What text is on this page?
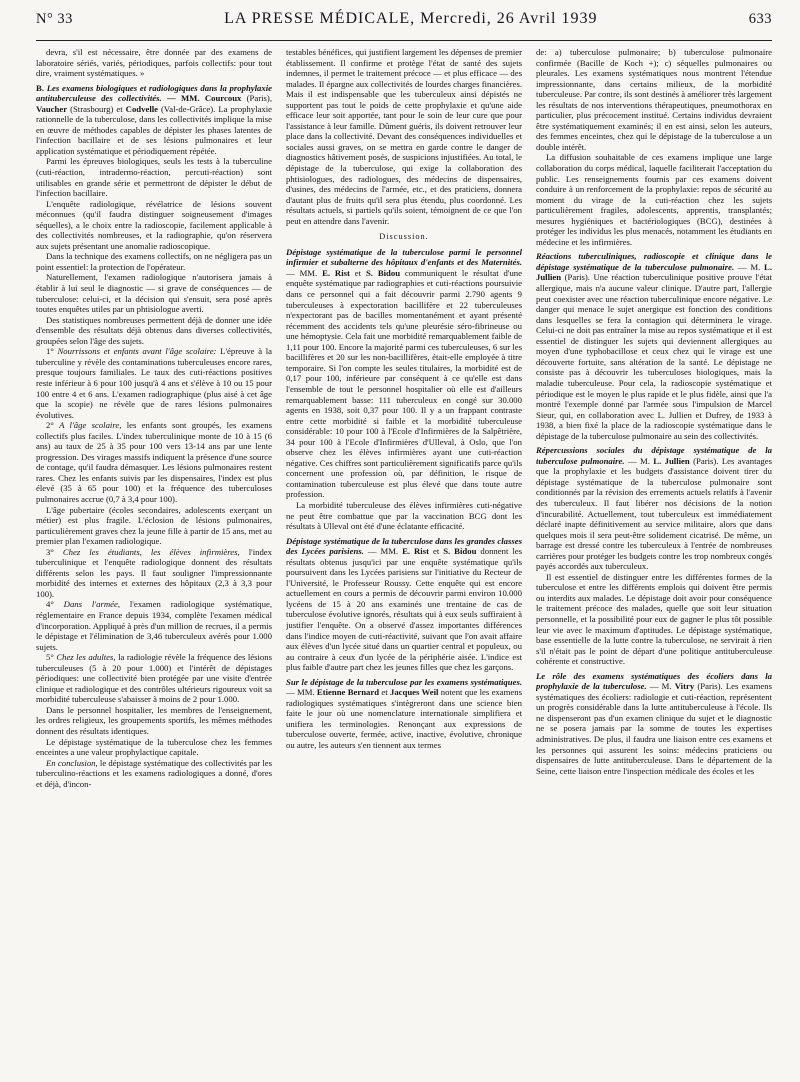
N° 33	LA PRESSE MÉDICALE, Mercredi, 26 Avril 1939	633

devra, s'il est nécessaire, être donnée par des examens de laboratoire sériés, variés, périodiques, parfois collectifs: pour tout dire, vraiment systématiques. »

B. Les examens biologiques et radiologiques dans la prophylaxie antituberculeuse des collectivités. — MM. Courcoux (Paris), Vaucher (Strasbourg) et Codvelle (Val-de-Grâce). La prophylaxie rationnelle de la tuberculose, dans les collectivités implique la mise en œuvre de méthodes capables de dépister les phases latentes de l'infection bacillaire et de ses lésions pulmonaires et leur application systématique et périodiquement répétée.

Parmi les épreuves biologiques, seuls les tests à la tuberculine (cuti-réaction, intradermo-réaction, percuti-réaction) sont utilisables en grande série et permettront de dépister le début de l'infection bacillaire.

L'enquête radiologique, révélatrice de lésions souvent méconnues (qu'il faudra distinguer soigneusement d'images séquelles), a le choix entre la radioscopie, facilement applicable à des collectivités nombreuses, et la radiographie, qu'on réservera aux sujets présentant une anomalie radioscopique.

Dans la technique des examens collectifs, on ne négligera pas un point essentiel: la protection de l'opérateur.

Naturellement, l'examen radiologique n'autorisera jamais à établir à lui seul le diagnostic — si grave de conséquences — de tuberculose: celui-ci, et la décision qui s'ensuit, sera posé après toutes enquêtes utiles par un phtisiologue averti.

Des statistiques nombreuses permettent déjà de donner une idée d'ensemble des résultats déjà obtenus dans diverses collectivités, groupées selon l'âge des sujets.

1° Nourrissons et enfants avant l'âge scolaire: L'épreuve à la tuberculine y révèle des contaminations tuberculeuses encore rares, presque toujours familiales. Le taux des cuti-réactions positives reste inférieur à 6 pour 100 jusqu'à 4 ans et s'élève à 10 ou 15 pour 100 entre 4 et 6 ans. L'examen radiographique (plus aisé à cet âge que la scopie) ne révèle que de rares lésions pulmonaires évolutives.

2° A l'âge scolaire, les enfants sont groupés, les examens collectifs plus faciles. L'index tuberculinique monte de 10 à 15 (6 ans) au taux de 25 à 35 pour 100 vers 13-14 ans par une lente progression. Des virages massifs indiquent la présence d'une source de contage, qu'il faudra démasquer. Les lésions pulmonaires restent rares. Chez les enfants suivis par les dispensaires, l'index est plus élevé (35 à 65 pour 100) et la fréquence des tuberculoses pulmonaires accrue (0,7 à 3,4 pour 100).

L'âge pubertaire (écoles secondaires, adolescents exerçant un métier) est plus fragile. L'éclosion de lésions pulmonaires, particulièrement graves chez la jeune fille à partir de 15 ans, met au premier plan l'examen radiologique.

3° Chez les étudiants, les élèves infirmières, l'index tuberculinique et l'enquête radiologique donnent des résultats différents selon les pays. Il faut souligner l'impressionnante morbidité des internes et externes des hôpitaux (2,3 à 3,3 pour 100).

4° Dans l'armée, l'examen radiologique systématique, réglementaire en France depuis 1934, complète l'examen médical d'incorporation. Appliqué à près d'un million de recrues, il a permis le dépistage et l'élimination de 3,46 tuberculeux avérés pour 1.000 sujets.

5° Chez les adultes, la radiologie révèle la fréquence des lésions tuberculeuses (5 à 20 pour 1.000) et l'intérêt de dépistages périodiques: une collectivité bien protégée par une visite d'entrée clinique et radiologique et des contrôles ultérieurs rigoureux voit sa morbidité tuberculeuse s'abaisser à moins de 2 pour 1.000.

Dans le personnel hospitalier, les membres de l'enseignement, les ordres religieux, les groupements sportifs, les mêmes méthodes donnent des résultats identiques.

Le dépistage systématique de la tuberculose chez les femmes enceintes a une valeur prophylactique capitale.

En conclusion, le dépistage systématique des collectivités par les tuberculino-réactions et les examens radiologiques a donné, d'ores et déjà, d'incon-

testables bénéfices, qui justifient largement les dépenses de premier établissement. Il confirme et protège l'état de santé des sujets indemnes, il permet le traitement précoce — et plus efficace — des malades. Il épargne aux collectivités de lourdes charges financières. Mais il est indispensable que les tuberculeux ainsi dépistés ne supportent pas tout le poids de cette prophylaxie et qu'une aide efficace leur soit apportée, tant pour le soin de leur cure que pour l'assistance à leur famille. Dûment guéris, ils doivent retrouver leur place dans la collectivité. Devant des conséquences individuelles et sociales aussi graves, on se mettra en garde contre le danger de diagnostics hâtivement posés, de suspicions injustifiées. Au total, le dépistage de la tuberculose, qui exige la collaboration des phtisiologues, des radiologues, des médecins de dispensaires, d'usines, des médecins de l'armée, etc., et des praticiens, donnera d'autant plus de fruits qu'il sera plus étendu, plus coordonné. Les résultats actuels, si partiels qu'ils soient, témoignent de ce que l'on peut en attendre dans l'avenir.

Discussion.

Dépistage systématique de la tuberculose parmi le personnel infirmier et subalterne des hôpitaux d'enfants et des Maternités. — MM. E. Rist et S. Bidou communiquent le résultat d'une enquête systématique par radiographies et cuti-réactions poursuivie dans ce personnel qui a fait découvrir parmi 2.790 agents 9 tuberculeuses à expectoration bacillifère et 22 tuberculeuses n'expectorant pas de bacilles momentanément et ayant présenté récemment des accidents tels qu'une pleurésie séro-fibrineuse ou une hémoptysie. Cela fait une morbidité remarquablement faible de 1,11 pour 100. Encore la majorité parmi ces tuberculeuses, 6 sur les bacillifères et 20 sur les non-bacillifères, était-elle employée à titre temporaire. Si l'on compte les seules titulaires, la morbidité est de 0,17 pour 100, inférieure par conséquent à ce qu'elle est dans l'ensemble de tout le personnel hospitalier où elle est d'ailleurs remarquablement basse: 111 tuberculeux en congé sur 30.000 agents en 1938, soit 0,37 pour 100. Il y a un frappant contraste entre cette morbidité si faible et la morbidité tuberculeuse considérable: 10 pour 100 à l'Ecole d'Infirmières de la Salpêtrière, 34 pour 100 à l'Ecole d'Infirmières d'Ulleval, à Oslo, que l'on observe chez les élèves infirmières ayant une cuti-réaction négative. Ces chiffres sont particulièrement significatifs parce qu'ils concernent une profession où, par définition, le risque de contamination tuberculeuse est plus élevé que dans toute autre profession.

La morbidité tuberculeuse des élèves infirmières cuti-négative ne peut être combattue que par la vaccination BCG dont les résultats à Ulleval ont été d'une éclatante efficacité.

Dépistage systématique de la tuberculose dans les grandes classes des Lycées parisiens. — MM. E. Rist et S. Bidou donnent les résultats obtenus jusqu'ici par une enquête systématique qu'ils poursuivent dans les Lycées parisiens sur l'initiative du Recteur de l'Université, le Professeur Roussy. Cette enquête qui est encore actuellement en cours a permis de découvrir parmi environ 10.000 lycéens de 15 à 20 ans examinés une trentaine de cas de tuberculose évolutive ignorés, résultats qui à eux seuls suffiraient à justifier l'enquête. On a observé d'assez importantes différences dans l'indice moyen de cuti-réactivité, suivant que l'on avait affaire aux élèves d'un lycée situé dans un quartier central et populeux, ou au contraire à ceux d'un lycée de la périphérie aisée. L'indice est plus faible d'autre part chez les jeunes filles que chez les garçons.

Sur le dépistage de la tuberculose par les examens systématiques. — MM. Etienne Bernard et Jacques Weil notent que les examens radiologiques systématiques s'intègreront dans une science bien faite le jour où une nomenclature internationale simplifiera et unifiera les terminologies. Renonçant aux expressions de tuberculose ouverte, fermée, active, inactive, évolutive, chronique ou autre, les auteurs s'en tiennent aux termes

de: a) tuberculose pulmonaire; b) tuberculose pulmonaire confirmée (Bacille de Koch +); c) séquelles pulmonaires ou pleurales. Les examens systématiques nous montrent l'étendue impressionnante, dans certains milieux, de la morbidité tuberculeuse. Par contre, ils sont destinés à améliorer très largement les résultats de nos interventions thérapeutiques, pneumothorax en particulier, plus précocement institué. Certains individus devraient être systématiquement examinés; il en est ainsi, selon les auteurs, des femmes enceintes, chez qui le dépistage de la tuberculose a un double intérêt.

La diffusion souhaitable de ces examens implique une large collaboration du corps médical, laquelle faciliterait l'acceptation du public. Les renseignements fournis par ces examens doivent conduire à un renforcement de la prophylaxie: repos de sécurité au moment du virage de la cuti-réaction chez les sujets particulièrement fragiles, adolescents, apprentis, transplantés; mesures hygiéniques et bactériologiques (BCG), destinées à protéger les individus les plus menacés, notamment les étudiants en médecine et les infirmières.

Réactions tuberculiniques, radioscopie et clinique dans le dépistage systématique de la tuberculose pulmonaire. — M. L. Jullien (Paris). Une réaction tuberculinique positive prouve l'état allergique, mais n'a aucune valeur clinique. D'autre part, l'allergie peut coexister avec une réaction tuberculinique encore négative. Le danger qui menace le sujet anergique est fonction des conditions dans lesquelles se fera la contagion qui déterminera le virage. Celui-ci ne doit pas entraîner la mise au repos systématique et il est essentiel de distinguer les sujets qui deviennent allergiques au moyen d'une typhobacillose et ceux chez qui le virage est une découverte fortuite, sans altération de la santé. Le dépistage ne consiste pas à découvrir les tuberculoses biologiques, mais la maladie tuberculeuse. Pour cela, la radioscopie systématique et périodique est le moyen le plus rapide et le plus fidèle, ainsi que l'a montré l'exemple donné par l'armée sous l'impulsion de Marcel Sieur, qui, en collaboration avec L. Jullien et Dufrey, de 1933 à 1938, a bien fixé la place de la radioscopie systématique dans le dépistage de la tuberculose pulmonaire au sein des collectivités.

Répercussions sociales du dépistage systématique de la tuberculose pulmonaire. — M. L. Jullien (Paris). Les avantages que la prophylaxie et les budgets d'assistance doivent tirer du dépistage systématique de la tuberculose pulmonaire sont conditionnés par la révision des errements actuels relatifs à l'avenir des tuberculeux. Il faut libérer nos décisions de la notion d'incurabilité. Actuellement, tout tuberculeux est immédiatement déclaré inapte définitivement au service militaire, alors que dans quelques mois il sera peut-être solidement cicatrisé. De même, un barrage est dressé contre les tuberculeux à l'entrée de nombreuses carrières pour protéger les budgets contre les trop nombreux congés payés accordés aux tuberculeux.

Il est essentiel de distinguer entre les différentes formes de la tuberculose et entre les différents emplois qui doivent être permis ou interdits aux malades. Le dépistage doit avoir pour conséquence le traitement précoce des malades, quelle que soit leur situation personnelle, et la possibilité pour eux de gagner le plus tôt possible leur vie avec le maximum d'aptitudes. Le dépistage systématique, base essentielle de la lutte contre la tuberculose, ne servirait à rien s'il n'était pas le point de départ d'une politique antituberculeuse cohérente et constructive.

Le rôle des examens systématiques des écoliers dans la prophylaxie de la tuberculose. — M. Vitry (Paris). Les examens systématiques des écoliers: radiologie et cuti-réaction, représentent un progrès considérable dans la lutte antituberculeuse à l'école. Ils ne dispenseront pas d'un examen clinique du sujet et le diagnostic ne se posera jamais par la somme de toutes les expertises administratives. De plus, il faudra une liaison entre ces examens et les personnes qui assurent les soins: médecins praticiens ou dispensaires de lutte antituberculeuse. Dans le département de la Seine, cette liaison entre l'inspection médicale des écoles et les
